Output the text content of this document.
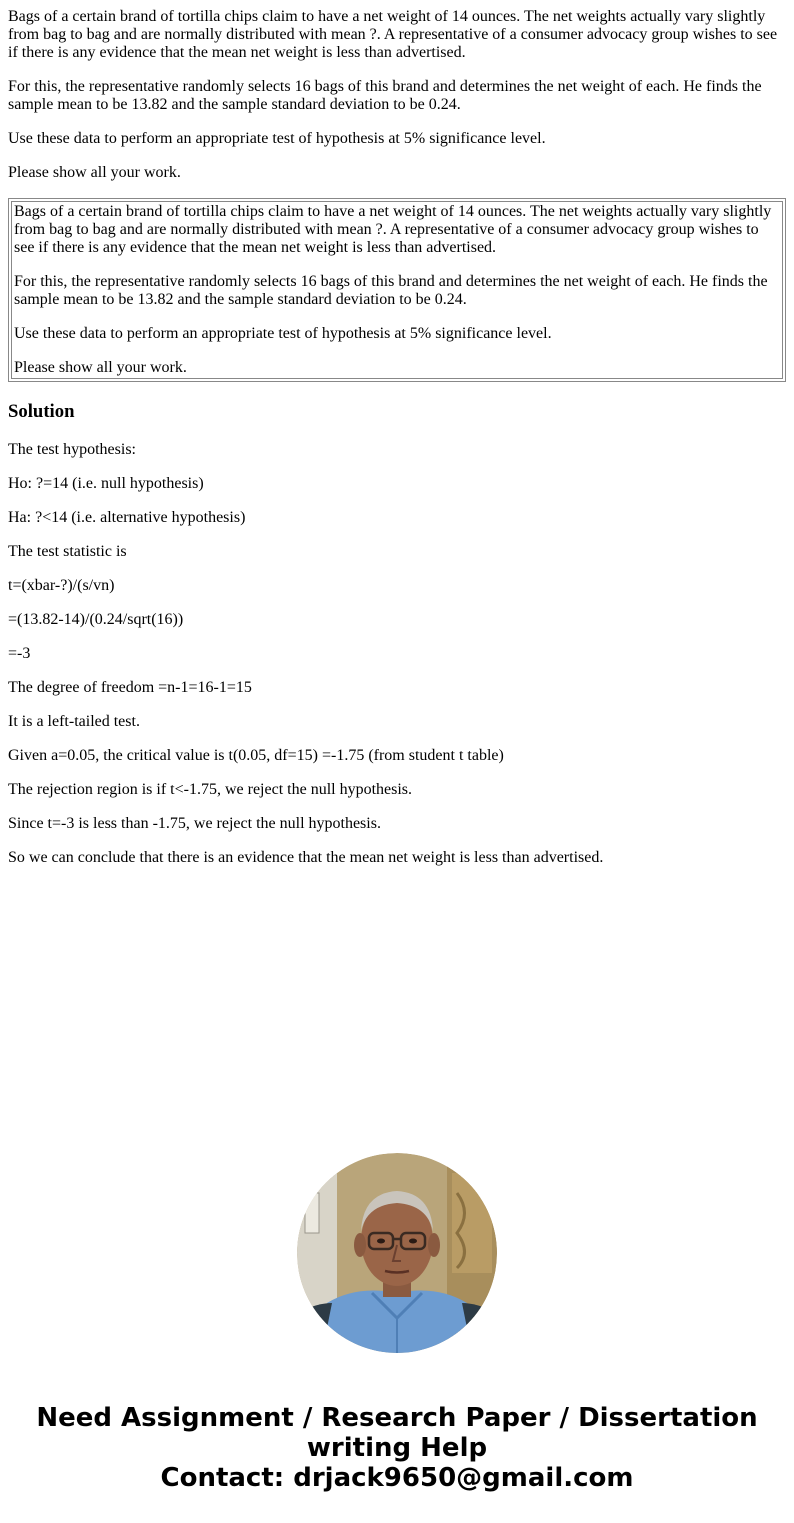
Bags of a certain brand of tortilla chips claim to have a net weight of 14 ounces. The net weights actually vary slightly from bag to bag and are normally distributed with mean ?. A representative of a consumer advocacy group wishes to see if there is any evidence that the mean net weight is less than advertised.

For this, the representative randomly selects 16 bags of this brand and determines the net weight of each. He finds the sample mean to be 13.82 and the sample standard deviation to be 0.24.

Use these data to perform an appropriate test of hypothesis at 5% significance level.

Please show all your work.

Bags of a certain brand of tortilla chips claim to have a net weight of 14 ounces. The net weights actually vary slightly from bag to bag and are normally distributed with mean ?. A representative of a consumer advocacy group wishes to see if there is any evidence that the mean net weight is less than advertised.

For this, the representative randomly selects 16 bags of this brand and determines the net weight of each. He finds the sample mean to be 13.82 and the sample standard deviation to be 0.24.

Use these data to perform an appropriate test of hypothesis at 5% significance level.

Please show all your work.

Solution

The test hypothesis:

Ho: ?=14 (i.e. null hypothesis)

Ha: ?<14 (i.e. alternative hypothesis)

The test statistic is

t=(xbar-?)/(s/vn)

=(13.82-14)/(0.24/sqrt(16))

=-3

The degree of freedom =n-1=16-1=15

It is a left-tailed test.

Given a=0.05, the critical value is t(0.05, df=15) =-1.75 (from student t table)

The rejection region is if t<-1.75, we reject the null hypothesis.

Since t=-3 is less than -1.75, we reject the null hypothesis.

So we can conclude that there is an evidence that the mean net weight is less than advertised.

Need Assignment / Research Paper / Dissertation
writing Help
Contact: drjack9650@gmail.com
